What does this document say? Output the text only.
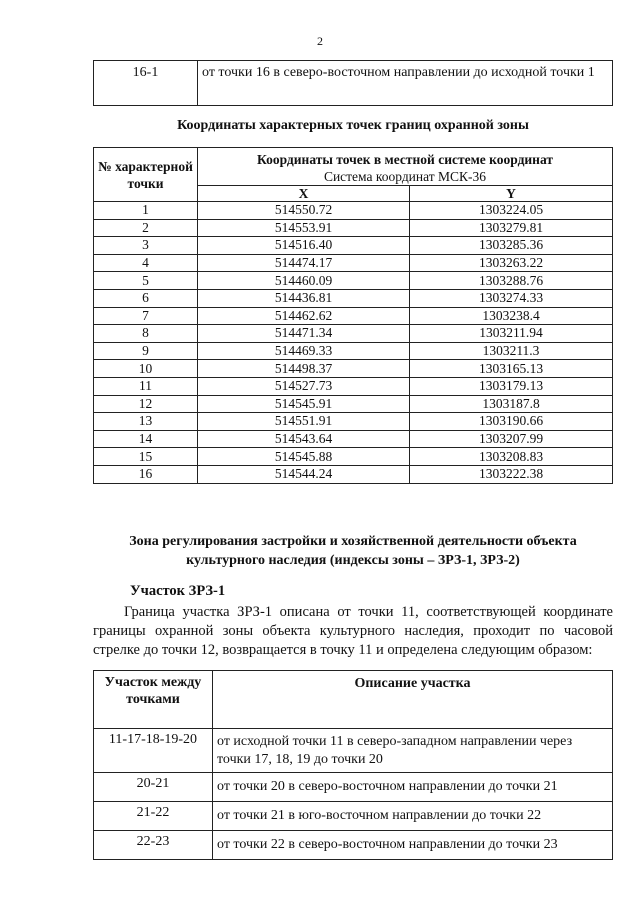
2
16-1	от точки 16 в северо-восточном направлении до исходной точки 1
Координаты характерных точек границ охранной зоны
№ характерной точки	Координаты точек в местной системе координат
Система координат МСК-36	
	X	Y
1	514550.72	1303224.05
2	514553.91	1303279.81
3	514516.40	1303285.36
4	514474.17	1303263.22
5	514460.09	1303288.76
6	514436.81	1303274.33
7	514462.62	1303238.4
8	514471.34	1303211.94
9	514469.33	1303211.3
10	514498.37	1303165.13
11	514527.73	1303179.13
12	514545.91	1303187.8
13	514551.91	1303190.66
14	514543.64	1303207.99
15	514545.88	1303208.83
16	514544.24	1303222.38
Зона регулирования застройки и хозяйственной деятельности объекта культурного наследия (индексы зоны – ЗРЗ-1, ЗРЗ-2)
Участок ЗРЗ-1
Граница участка ЗРЗ-1 описана от точки 11, соответствующей координате границы охранной зоны объекта культурного наследия, проходит по часовой стрелке до точки 12, возвращается в точку 11 и определена следующим образом:
Участок между точками	Описание участка
11-17-18-19-20	от исходной точки 11 в северо-западном направлении через точки 17, 18, 19 до точки 20
20-21	от точки 20 в северо-восточном направлении до точки 21
21-22	от точки 21 в юго-восточном направлении до точки 22
22-23	от точки 22 в северо-восточном направлении до точки 23
